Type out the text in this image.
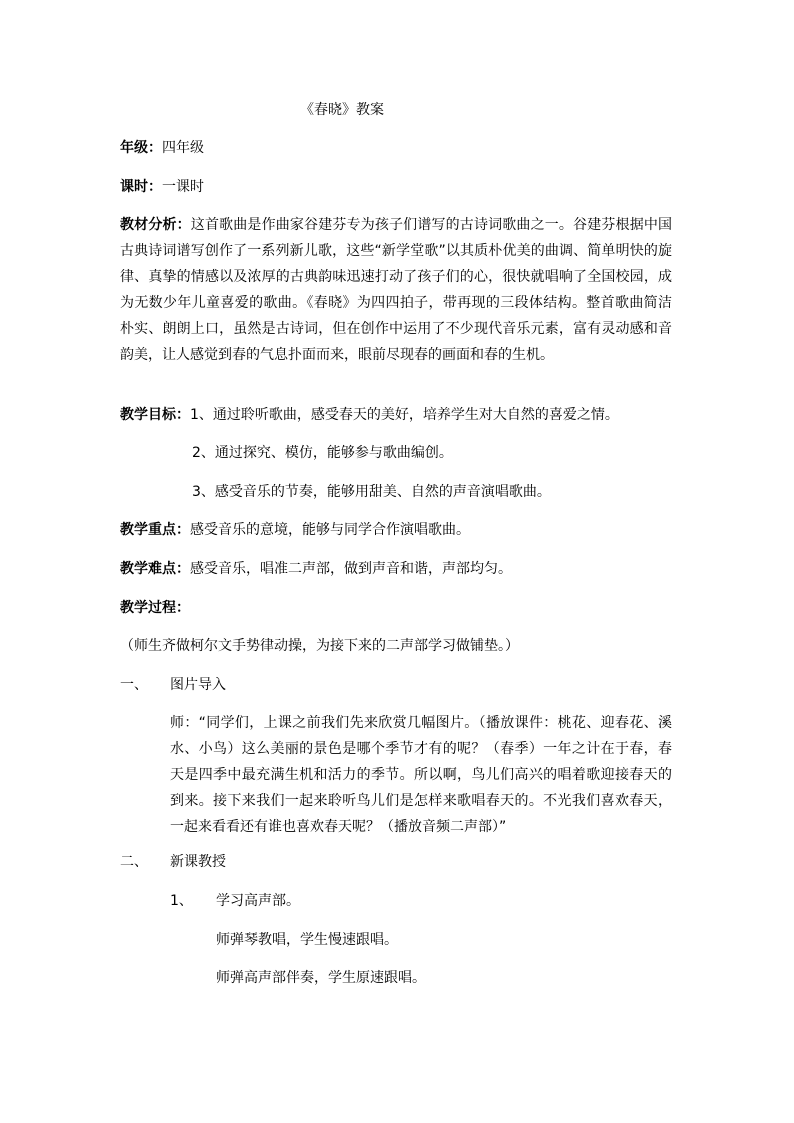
《春晓》教案
年级：四年级
课时：一课时
教材分析：这首歌曲是作曲家谷建芬专为孩子们谱写的古诗词歌曲之一。谷建芬根据中国古典诗词谱写创作了一系列新儿歌，这些“新学堂歌”以其质朴优美的曲调、简单明快的旋律、真挚的情感以及浓厚的古典韵味迅速打动了孩子们的心，很快就唱响了全国校园，成为无数少年儿童喜爱的歌曲。《春晓》为四四拍子，带再现的三段体结构。整首歌曲简洁朴实、朗朗上口，虽然是古诗词，但在创作中运用了不少现代音乐元素，富有灵动感和音韵美，让人感觉到春的气息扑面而来，眼前尽现春的画面和春的生机。
教学目标：1、通过聆听歌曲，感受春天的美好，培养学生对大自然的喜爱之情。
2、通过探究、模仿，能够参与歌曲编创。
3、感受音乐的节奏，能够用甜美、自然的声音演唱歌曲。
教学重点：感受音乐的意境，能够与同学合作演唱歌曲。
教学难点：感受音乐，唱准二声部，做到声音和谐，声部均匀。
教学过程：
（师生齐做柯尔文手势律动操，为接下来的二声部学习做铺垫。）
一、 图片导入
师：“同学们，上课之前我们先来欣赏几幅图片。（播放课件：桃花、迎春花、溪水、小鸟）这么美丽的景色是哪个季节才有的呢？（春季）一年之计在于春，春天是四季中最充满生机和活力的季节。所以啊，鸟儿们高兴的唱着歌迎接春天的到来。接下来我们一起来聆听鸟儿们是怎样来歌唱春天的。不光我们喜欢春天，一起来看看还有谁也喜欢春天呢？（播放音频二声部）”
二、 新课教授
1、 学习高声部。
师弹琴教唱，学生慢速跟唱。
师弹高声部伴奏，学生原速跟唱。
